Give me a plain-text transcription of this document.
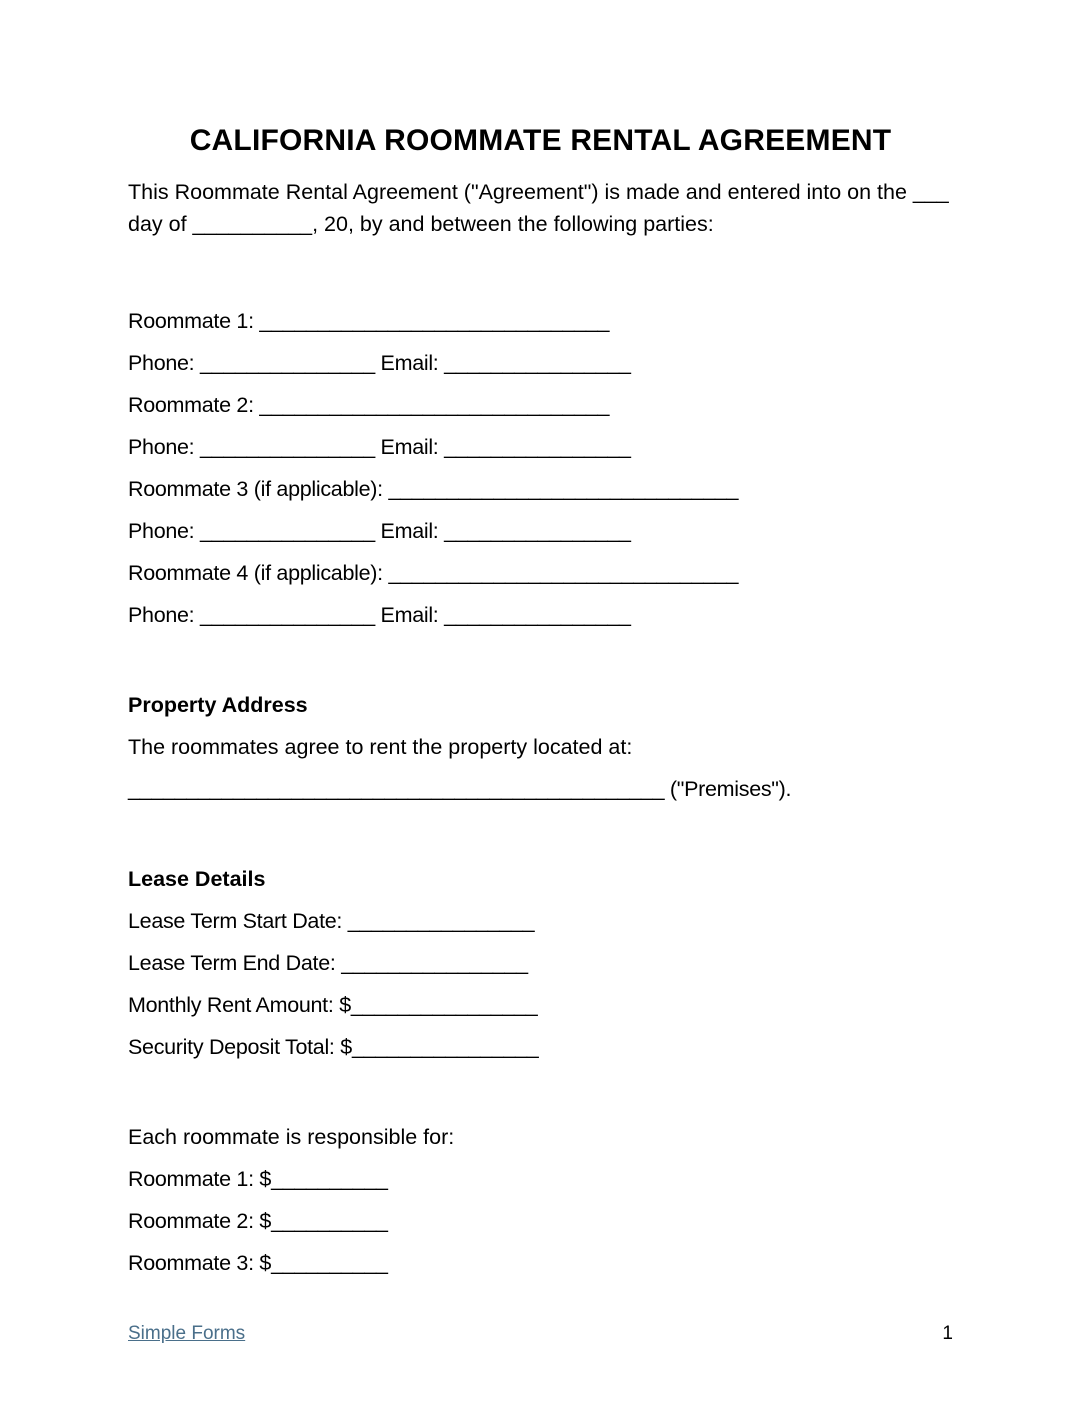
CALIFORNIA ROOMMATE RENTAL AGREEMENT

This Roommate Rental Agreement ("Agreement") is made and entered into on the ___ day of __________, 20, by and between the following parties:

Roommate 1: ______________________________

Phone: _______________ Email: ________________

Roommate 2: ______________________________

Phone: _______________ Email: ________________

Roommate 3 (if applicable): ______________________________

Phone: _______________ Email: ________________

Roommate 4 (if applicable): ______________________________

Phone: _______________ Email: ________________

Property Address

The roommates agree to rent the property located at:

______________________________________________ ("Premises").

Lease Details

Lease Term Start Date: ________________

Lease Term End Date: ________________

Monthly Rent Amount: $________________

Security Deposit Total: $________________

Each roommate is responsible for:

Roommate 1: $__________

Roommate 2: $__________

Roommate 3: $__________

Simple Forms	1
